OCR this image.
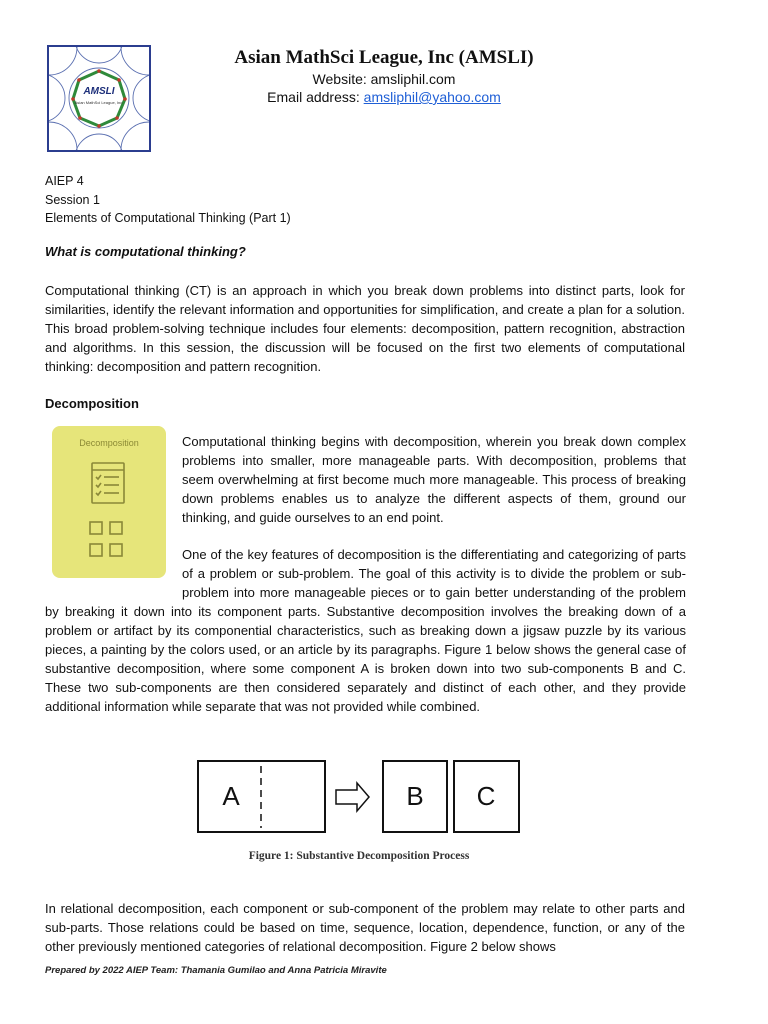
AMSLI
Asian MathSci League, Inc.
Asian MathSci League, Inc (AMSLI)
Website: amsliphil.com
Email address: amsliphil@yahoo.com
AIEP 4
Session 1
Elements of Computational Thinking (Part 1)
What is computational thinking?

Computational thinking (CT) is an approach in which you break down problems into distinct parts, look for similarities, identify the relevant information and opportunities for simplification, and create a plan for a solution. This broad problem-solving technique includes four elements: decomposition, pattern recognition, abstraction and algorithms. In this session, the discussion will be focused on the first two elements of computational thinking: decomposition and pattern recognition.

Decomposition
Decomposition	Computational thinking begins with decomposition, wherein you break down complex problems into smaller, more manageable parts. With decomposition, problems that seem overwhelming at first become much more manageable. This process of breaking down problems enables us to analyze the different aspects of them, ground our thinking, and guide ourselves to an end point.

One of the key features of decomposition is the differentiating and categorizing of parts of a problem or sub-problem. The goal of this activity is to divide the problem or sub-problem into more manageable pieces or to gain better understanding of the problem by breaking it down into its component parts. Substantive decomposition involves the breaking down of a problem or artifact by its componential characteristics, such as breaking down a jigsaw puzzle by its various pieces, a painting by the colors used, or an article by its paragraphs. Figure 1 below shows the general case of substantive decomposition, where some component A is broken down into two sub-components B and C. These two sub-components are then considered separately and distinct of each other, and they provide additional information while separate that was not provided while combined.

A	B C
Figure 1: Substantive Decomposition Process

In relational decomposition, each component or sub-component of the problem may relate to other parts and sub-parts. Those relations could be based on time, sequence, location, dependence, function, or any of the other previously mentioned categories of relational decomposition. Figure 2 below shows

Prepared by 2022 AIEP Team: Thamania Gumilao and Anna Patricia Miravite
